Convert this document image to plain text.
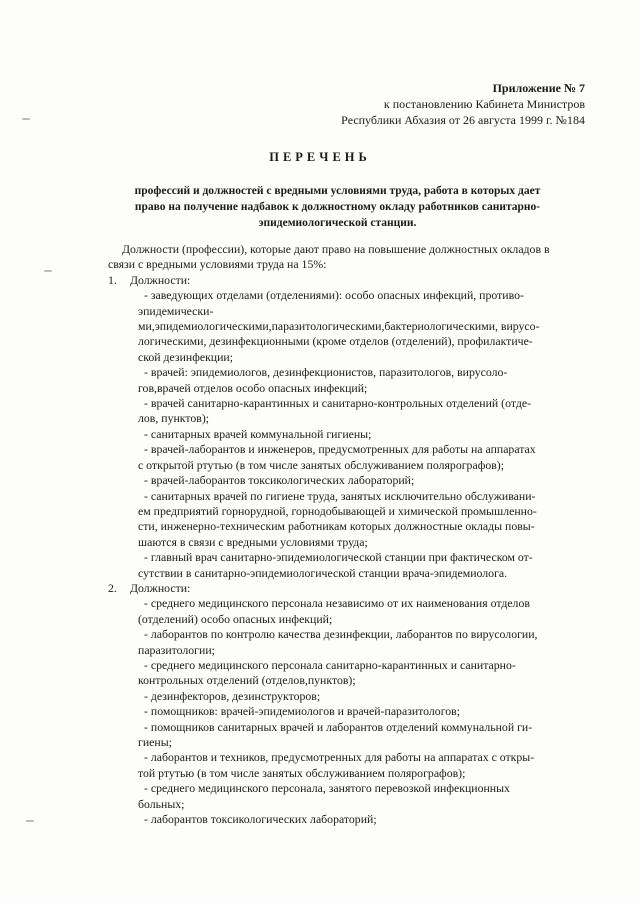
Приложение № 7
к постановлению Кабинета Министров
Республики Абхазия от 26 августа 1999 г. №184
ПЕРЕЧЕНЬ
профессий и должностей с вредными условиями труда, работа в которых дает
право на получение надбавок к должностному окладу работников санитарно-
эпидемиологической станции.

Должности (профессии), которые дают право на повышение должностных окладов в

связи с вредными условиями труда на 15%:

1. Должности:

- заведующих отделами (отделениями): особо опасных инфекций, противо-

эпидемически-

ми,эпидемиологическими,паразитологическими,бактериологическими, вирусо-

логическими, дезинфекционными (кроме отделов (отделений), профилактиче-

ской дезинфекции;

- врачей: эпидемиологов, дезинфекционистов, паразитологов, вирусоло-

гов,врачей отделов особо опасных инфекций;

- врачей санитарно-карантинных и санитарно-контрольных отделений (отде-

лов, пунктов);

- санитарных врачей коммунальной гигиены;

- врачей-лаборантов и инженеров, предусмотренных для работы на аппаратах

с открытой ртутью (в том числе занятых обслуживанием полярографов);

- врачей-лаборантов токсикологических лабораторий;

- санитарных врачей по гигиене труда, занятых исключительно обслуживани-

ем предприятий горнорудной, горнодобывающей и химической промышленно-

сти, инженерно-техническим работникам которых должностные оклады повы-

шаются в связи с вредными условиями труда;

- главный врач санитарно-эпидемиологической станции при фактическом от-

сутствии в санитарно-эпидемиологической станции врача-эпидемиолога.

2. Должности:

- среднего медицинского персонала независимо от их наименования отделов

(отделений) особо опасных инфекций;

- лаборантов по контролю качества дезинфекции, лаборантов по вирусологии,

паразитологии;

- среднего медицинского персонала санитарно-карантинных и санитарно-

контрольных отделений (отделов,пунктов);

- дезинфекторов, дезинструкторов;

- помощников: врачей-эпидемиологов и врачей-паразитологов;

- помощников санитарных врачей и лаборантов отделений коммунальной ги-

гиены;

- лаборантов и техников, предусмотренных для работы на аппаратах с откры-

той ртутью (в том числе занятых обслуживанием полярографов);

- среднего медицинского персонала, занятого перевозкой инфекционных

больных;

- лаборантов токсикологических лабораторий;
